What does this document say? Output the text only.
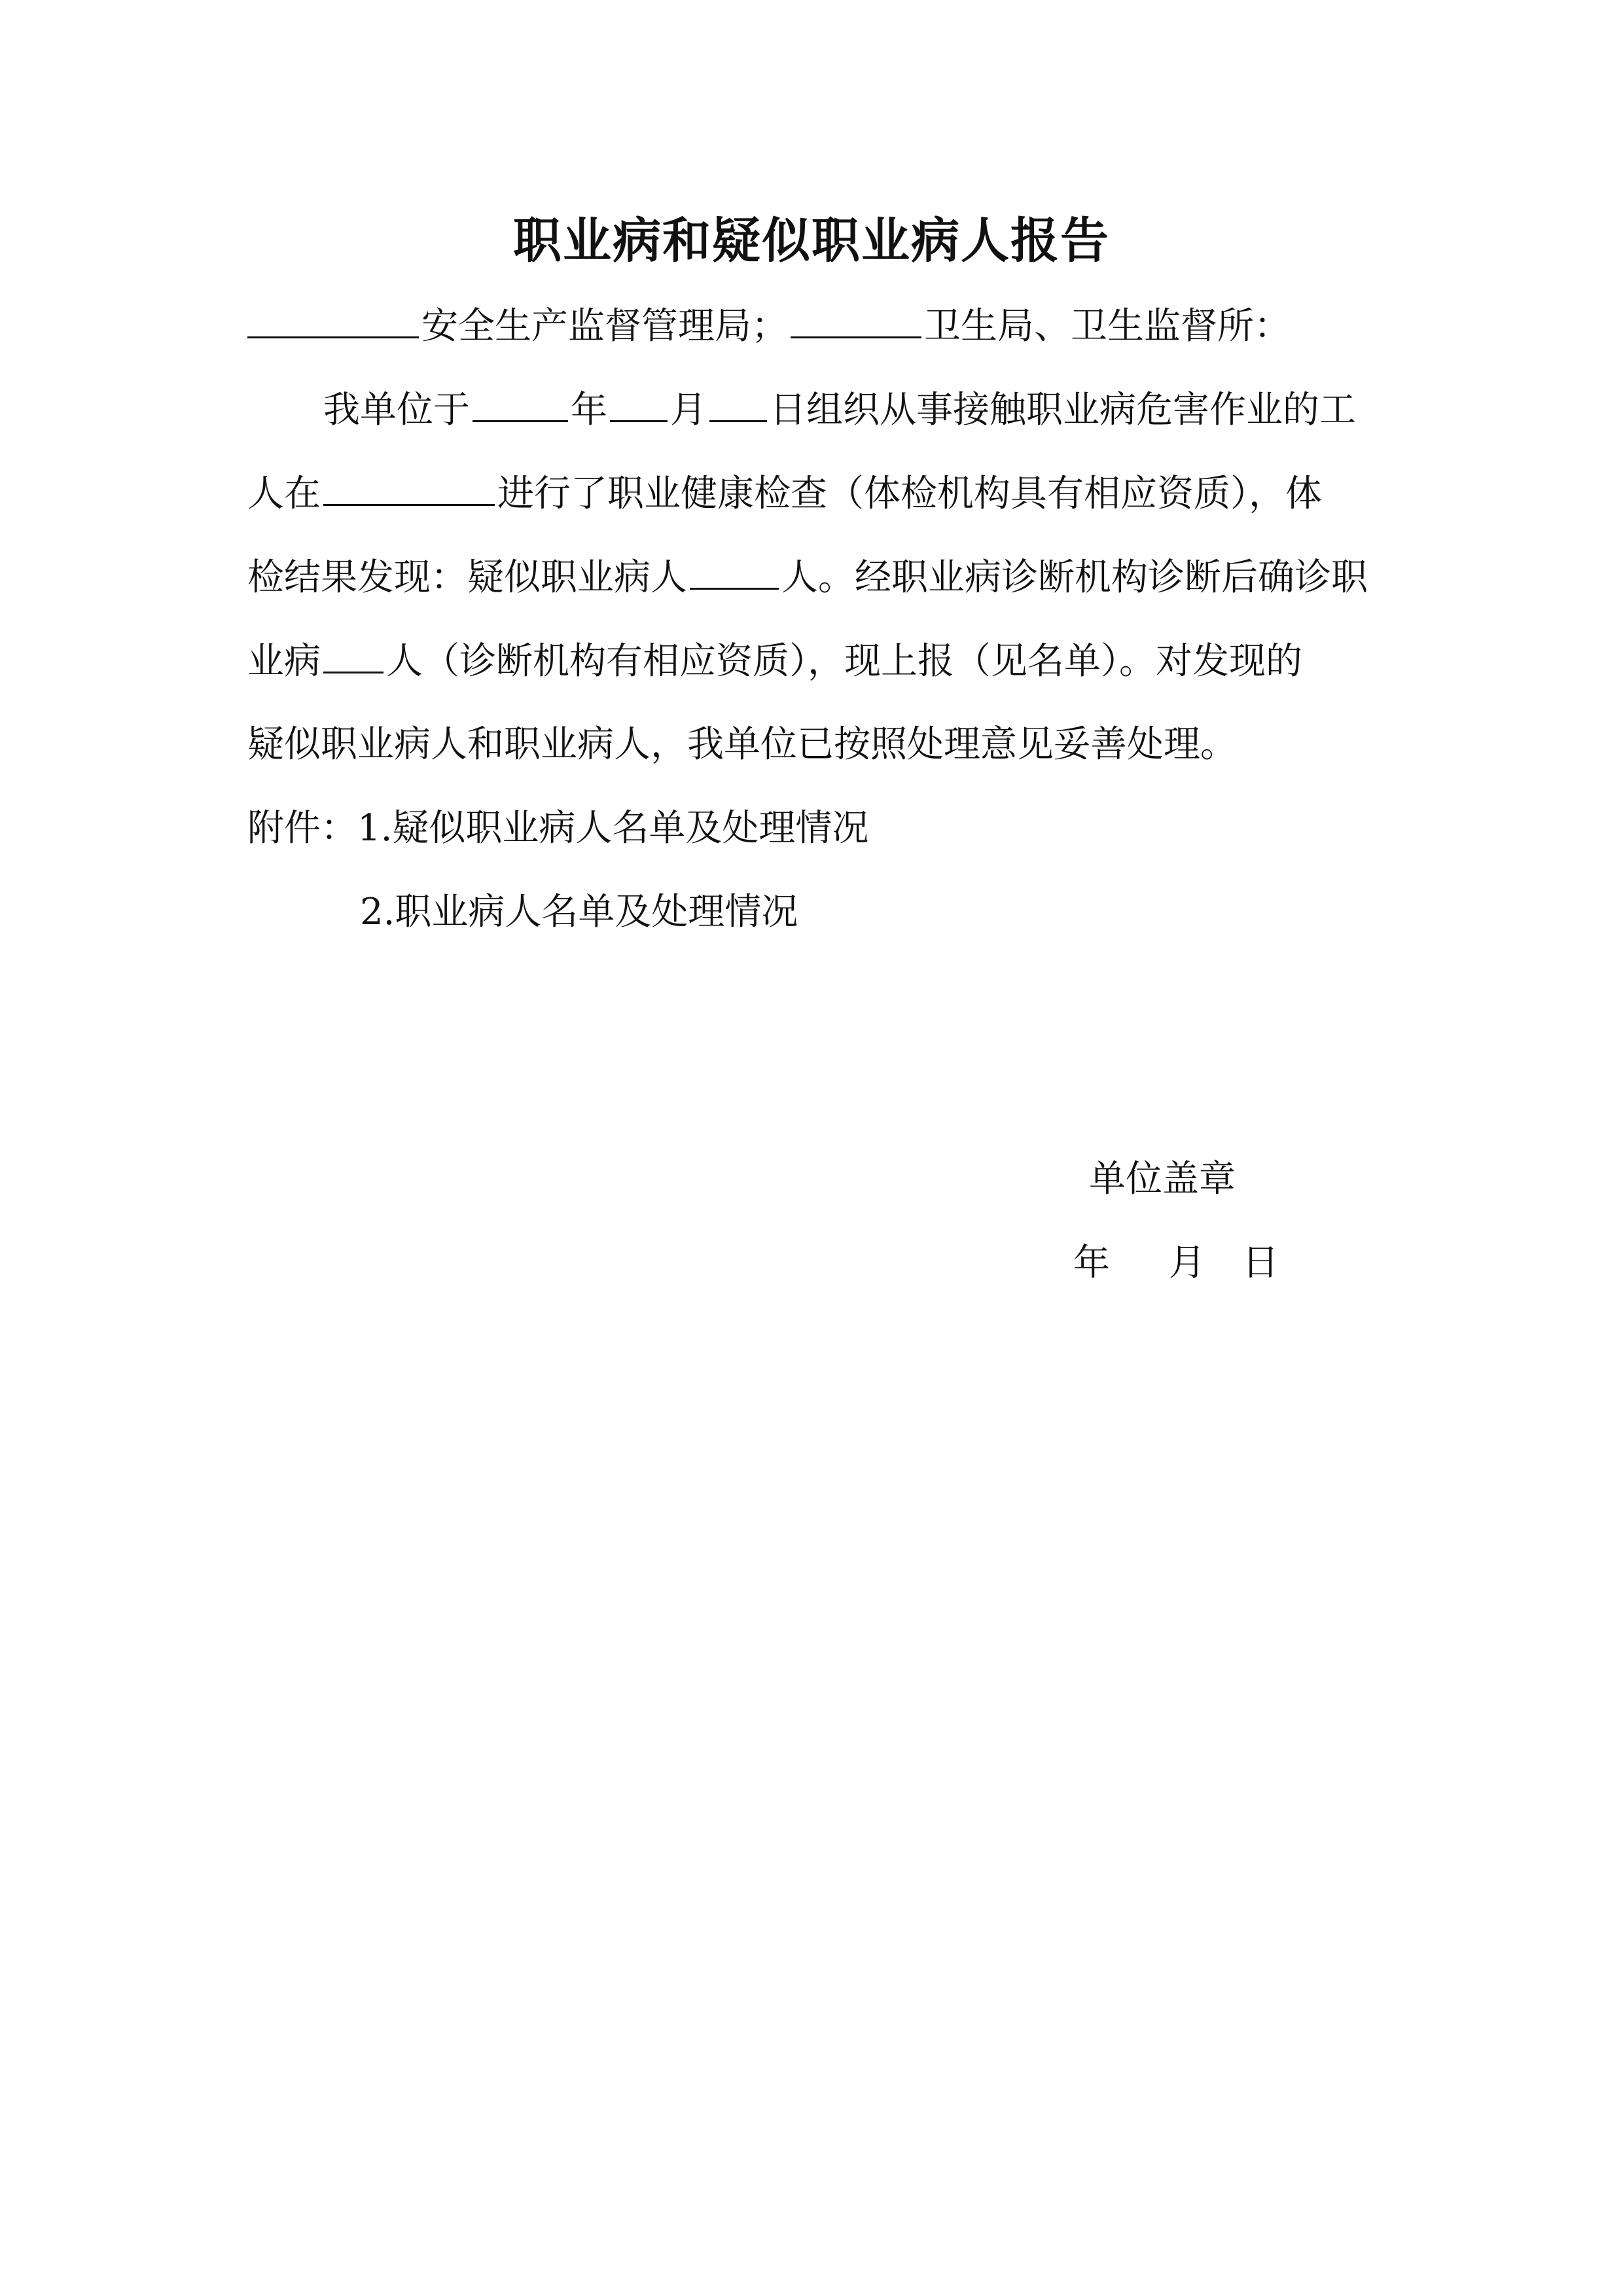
职业病和疑似职业病人报告
安全生产监督管理局；	卫生局、卫生监督所：
我单位于	年 月 日组织从事接触职业病危害作业的工
人在	进行了职业健康检查（体检机构具有相应资质），体
检结果发现：疑似职业病人	人。经职业病诊断机构诊断后确诊职
业病 人（诊断机构有相应资质），现上报（见名单）。对发现的
疑似职业病人和职业病人，我单位已按照处理意见妥善处理。
附件：1.疑似职业病人名单及处理情况
2.职业病人名单及处理情况
单位盖章
年 月 日
